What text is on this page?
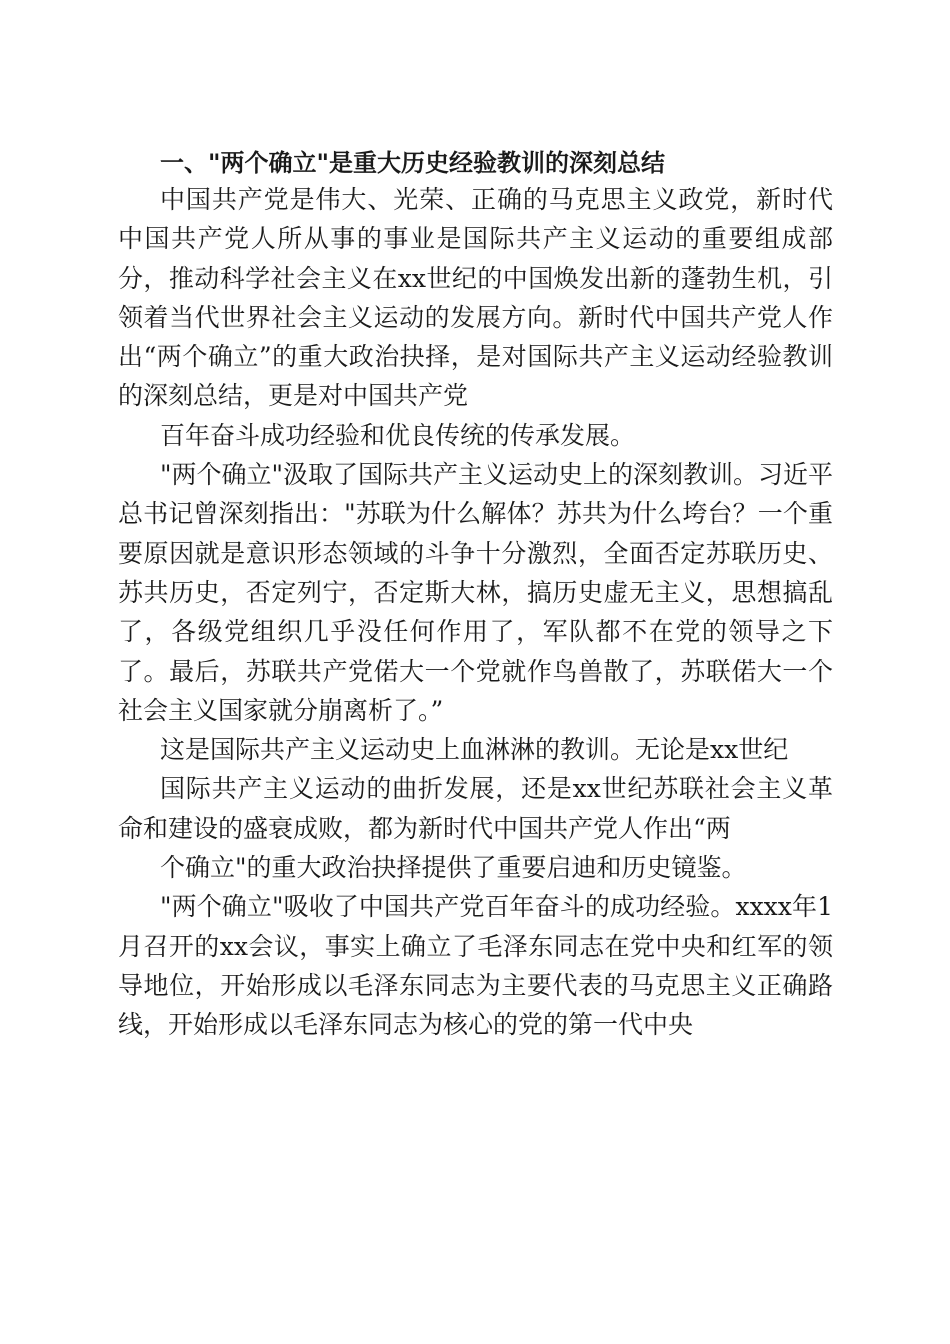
一、"两个确立"是重大历史经验教训的深刻总结

中国共产党是伟大、光荣、正确的马克思主义政党，新时代中国共产党人所从事的事业是国际共产主义运动的重要组成部分，推动科学社会主义在xx世纪的中国焕发出新的蓬勃生机，引领着当代世界社会主义运动的发展方向。新时代中国共产党人作出“两个确立”的重大政治抉择，是对国际共产主义运动经验教训的深刻总结，更是对中国共产党

百年奋斗成功经验和优良传统的传承发展。

"两个确立"汲取了国际共产主义运动史上的深刻教训。习近平总书记曾深刻指出："苏联为什么解体？苏共为什么垮台？一个重要原因就是意识形态领域的斗争十分激烈，全面否定苏联历史、苏共历史，否定列宁，否定斯大林，搞历史虚无主义，思想搞乱了，各级党组织几乎没任何作用了，军队都不在党的领导之下了。最后，苏联共产党偌大一个党就作鸟兽散了，苏联偌大一个社会主义国家就分崩离析了。”

这是国际共产主义运动史上血淋淋的教训。无论是xx世纪

国际共产主义运动的曲折发展，还是xx世纪苏联社会主义革命和建设的盛衰成败，都为新时代中国共产党人作出“两

个确立"的重大政治抉择提供了重要启迪和历史镜鉴。

"两个确立"吸收了中国共产党百年奋斗的成功经验。xxxx年1月召开的xx会议，事实上确立了毛泽东同志在党中央和红军的领导地位，开始形成以毛泽东同志为主要代表的马克思主义正确路线，开始形成以毛泽东同志为核心的党的第一代中央
